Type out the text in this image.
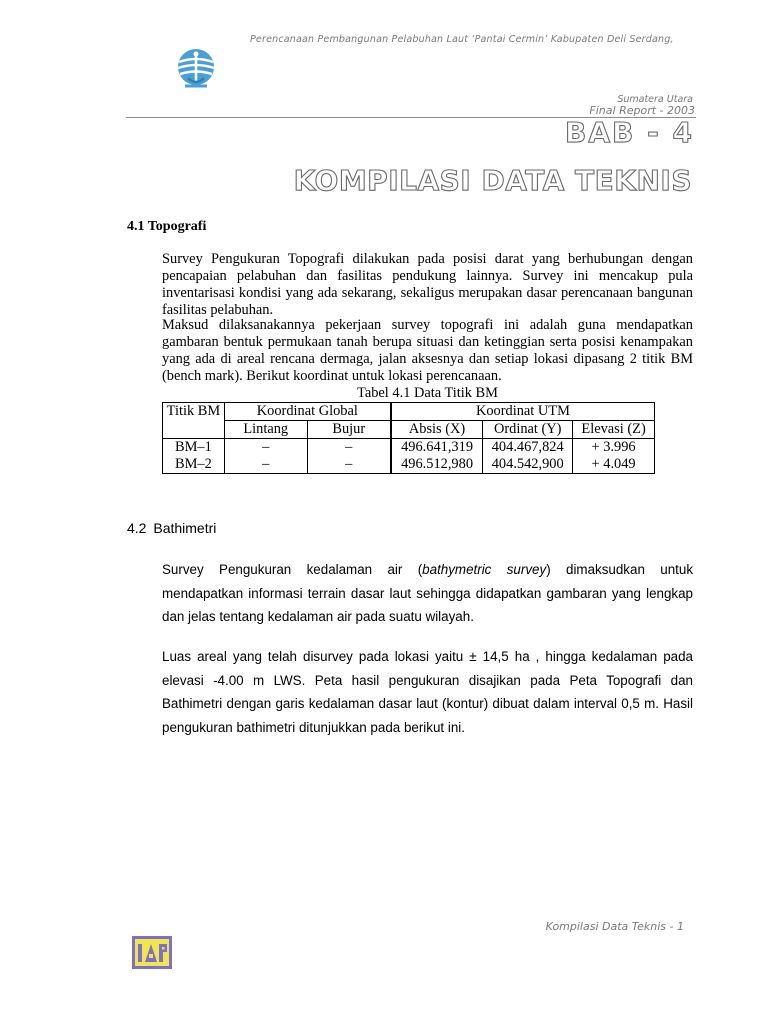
Perencanaan Pembangunan Pelabuhan Laut ‘Pantai Cermin’ Kabupaten Deli Serdang,
Sumatera Utara
Final Report - 2003
BAB - 4
KOMPILASI DATA TEKNIS
4.1 Topografi
Survey Pengukuran Topografi dilakukan pada posisi darat yang berhubungan dengan pencapaian pelabuhan dan fasilitas pendukung lainnya. Survey ini mencakup pula inventarisasi kondisi yang ada sekarang, sekaligus merupakan dasar perencanaan bangunan fasilitas pelabuhan.
Maksud dilaksanakannya pekerjaan survey topografi ini adalah guna mendapatkan gambaran bentuk permukaan tanah berupa situasi dan ketinggian serta posisi kenampakan yang ada di areal rencana dermaga, jalan aksesnya dan setiap lokasi dipasang 2 titik BM (bench mark). Berikut koordinat untuk lokasi perencanaan.
Tabel 4.1 Data Titik BM
Titik BM	Koordinat Global		Koordinat UTM		
	Lintang	Bujur	Absis (X)	Ordinat (Y)	Elevasi (Z)
BM–1	–	–	496.641,319	404.467,824	+ 3.996
BM–2	–	–	496.512,980	404.542,900	+ 4.049
4.2 Bathimetri
Survey Pengukuran kedalaman air (bathymetric survey) dimaksudkan untuk mendapatkan informasi terrain dasar laut sehingga didapatkan gambaran yang lengkap dan jelas tentang kedalaman air pada suatu wilayah.
Luas areal yang telah disurvey pada lokasi yaitu ± 14,5 ha , hingga kedalaman pada elevasi -4.00 m LWS. Peta hasil pengukuran disajikan pada Peta Topografi dan Bathimetri dengan garis kedalaman dasar laut (kontur) dibuat dalam interval 0,5 m. Hasil pengukuran bathimetri ditunjukkan pada berikut ini.
Kompilasi Data Teknis - 1
